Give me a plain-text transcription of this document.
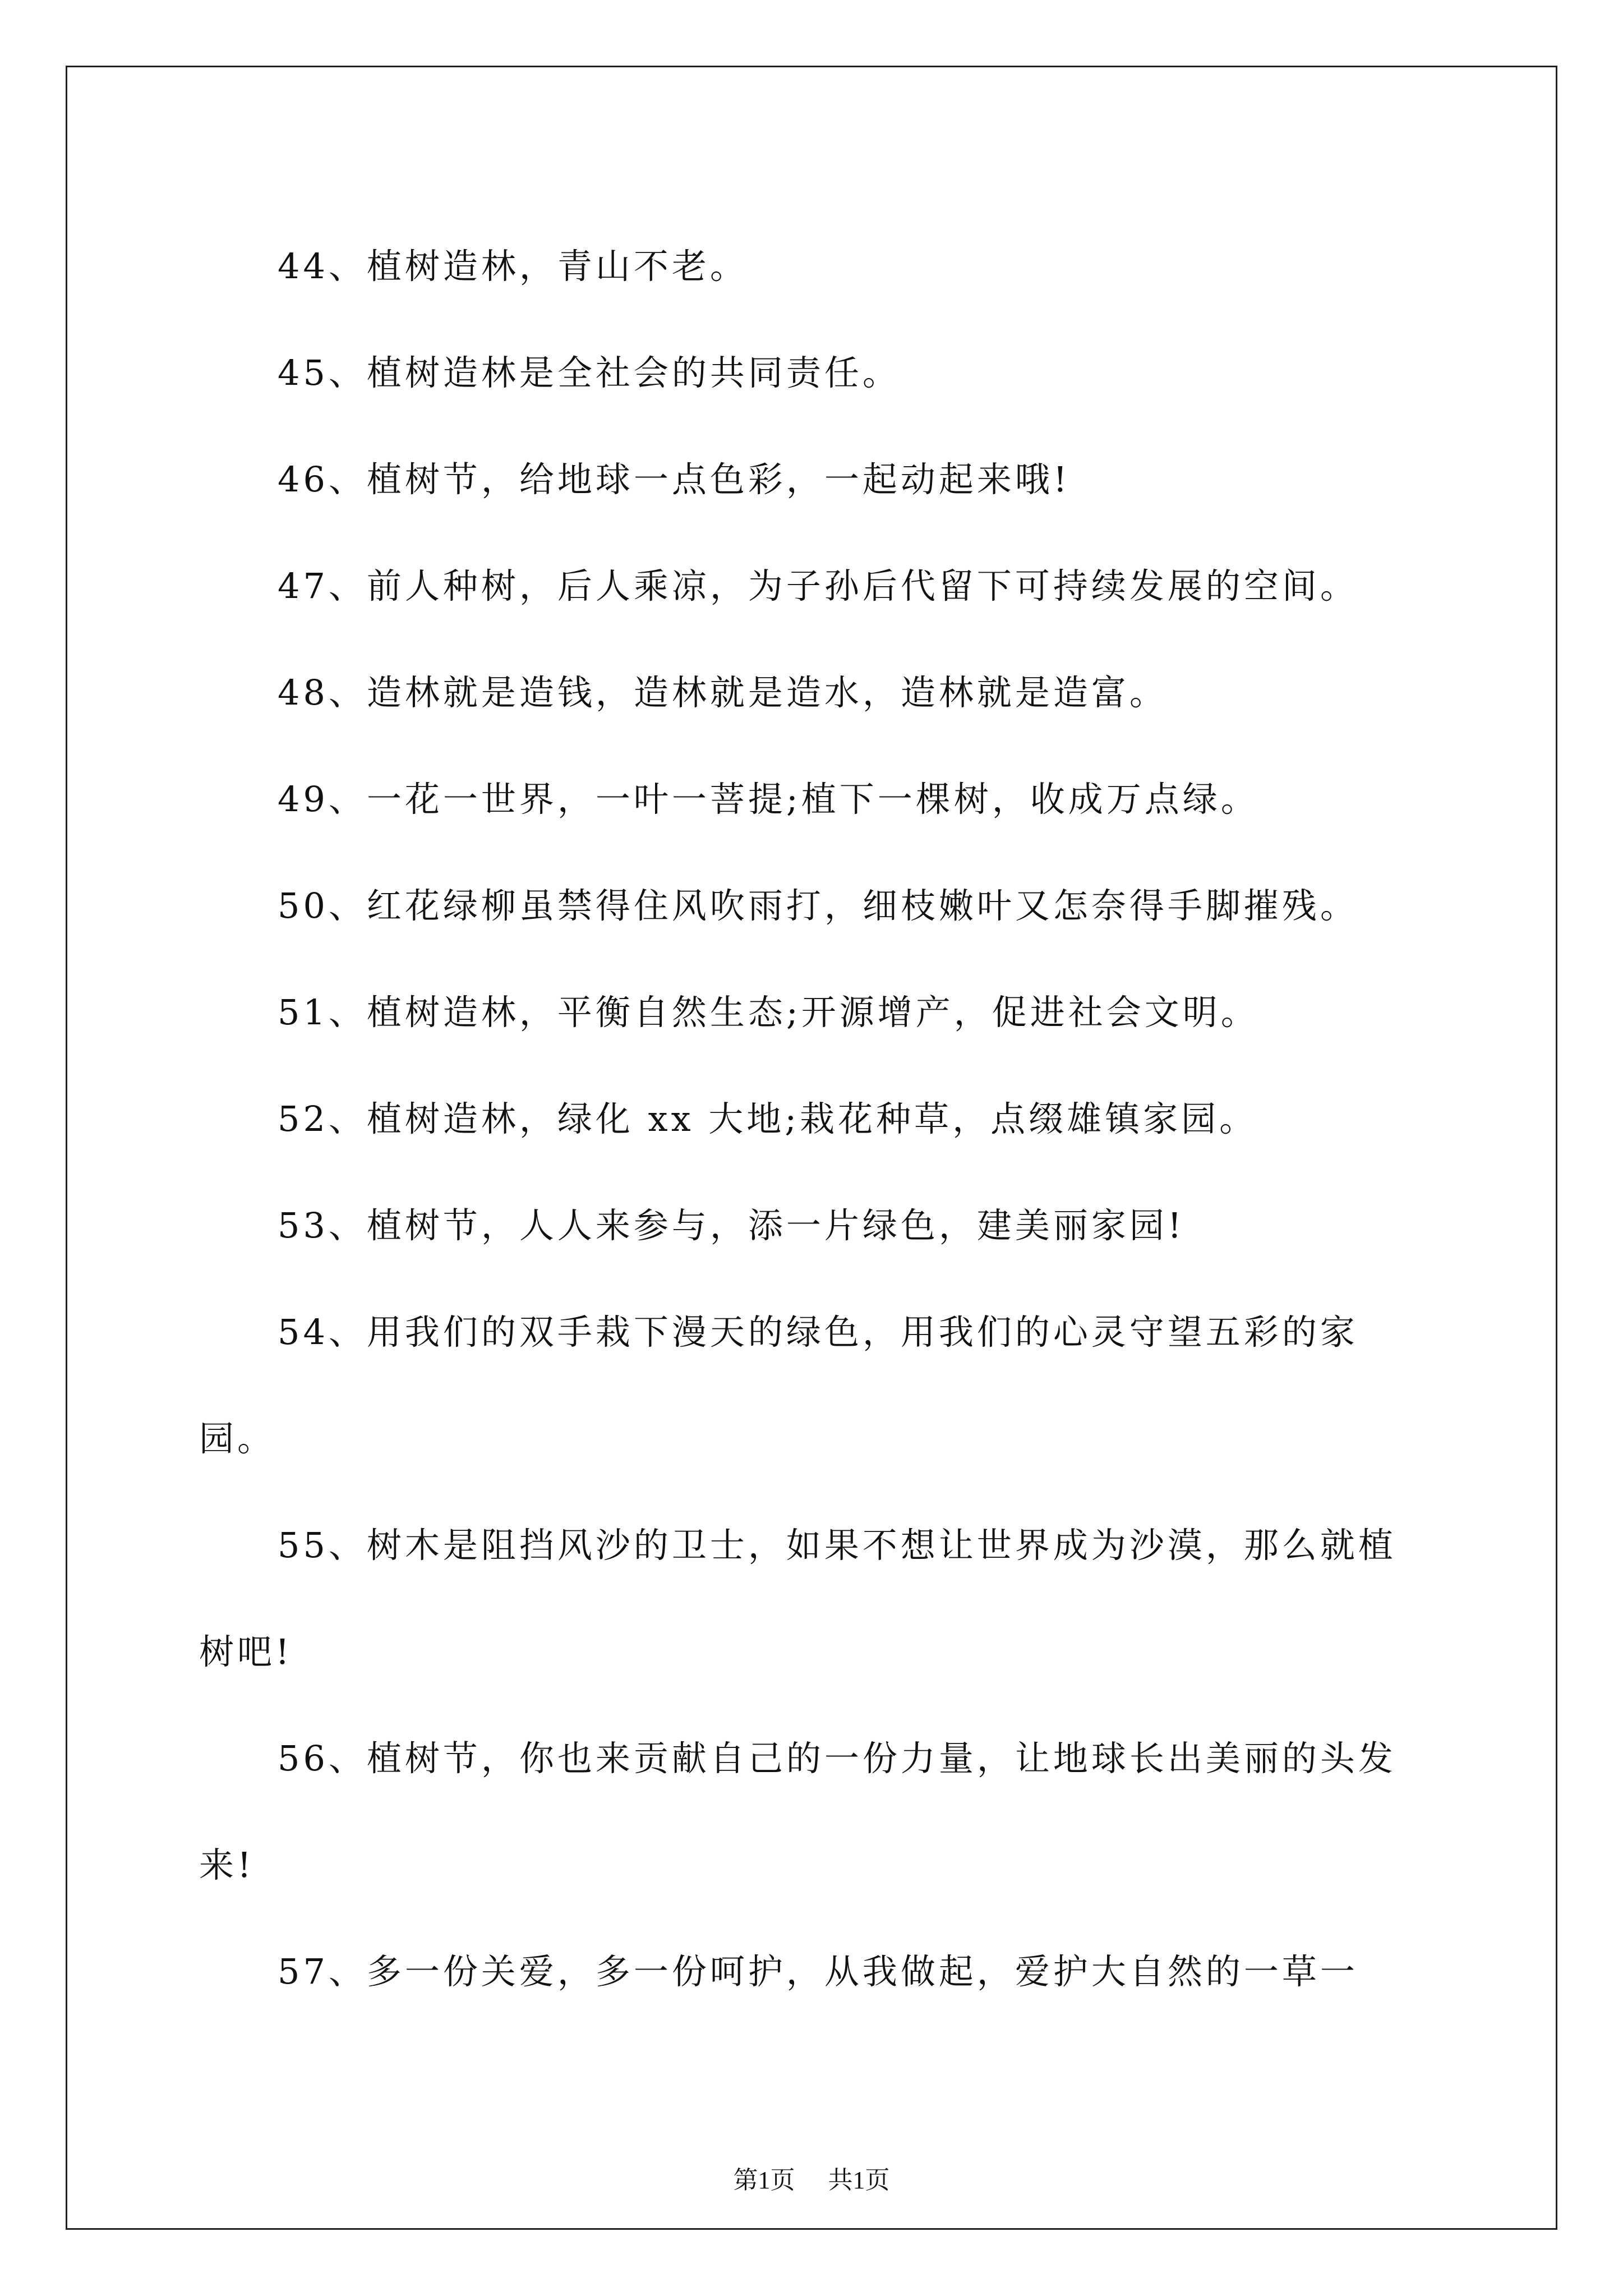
44、植树造林，青山不老。

45、植树造林是全社会的共同责任。

46、植树节，给地球一点色彩，一起动起来哦!

47、前人种树，后人乘凉，为子孙后代留下可持续发展的空间。

48、造林就是造钱，造林就是造水，造林就是造富。

49、一花一世界，一叶一菩提;植下一棵树，收成万点绿。

50、红花绿柳虽禁得住风吹雨打，细枝嫩叶又怎奈得手脚摧残。

51、植树造林，平衡自然生态;开源增产，促进社会文明。

52、植树造林，绿化 xx 大地;栽花种草，点缀雄镇家园。

53、植树节，人人来参与，添一片绿色，建美丽家园!

54、用我们的双手栽下漫天的绿色，用我们的心灵守望五彩的家园。

55、树木是阻挡风沙的卫士，如果不想让世界成为沙漠，那么就植树吧!

56、植树节，你也来贡献自己的一份力量，让地球长出美丽的头发来!

57、多一份关爱，多一份呵护，从我做起，爱护大自然的一草一

第1页 共1页
